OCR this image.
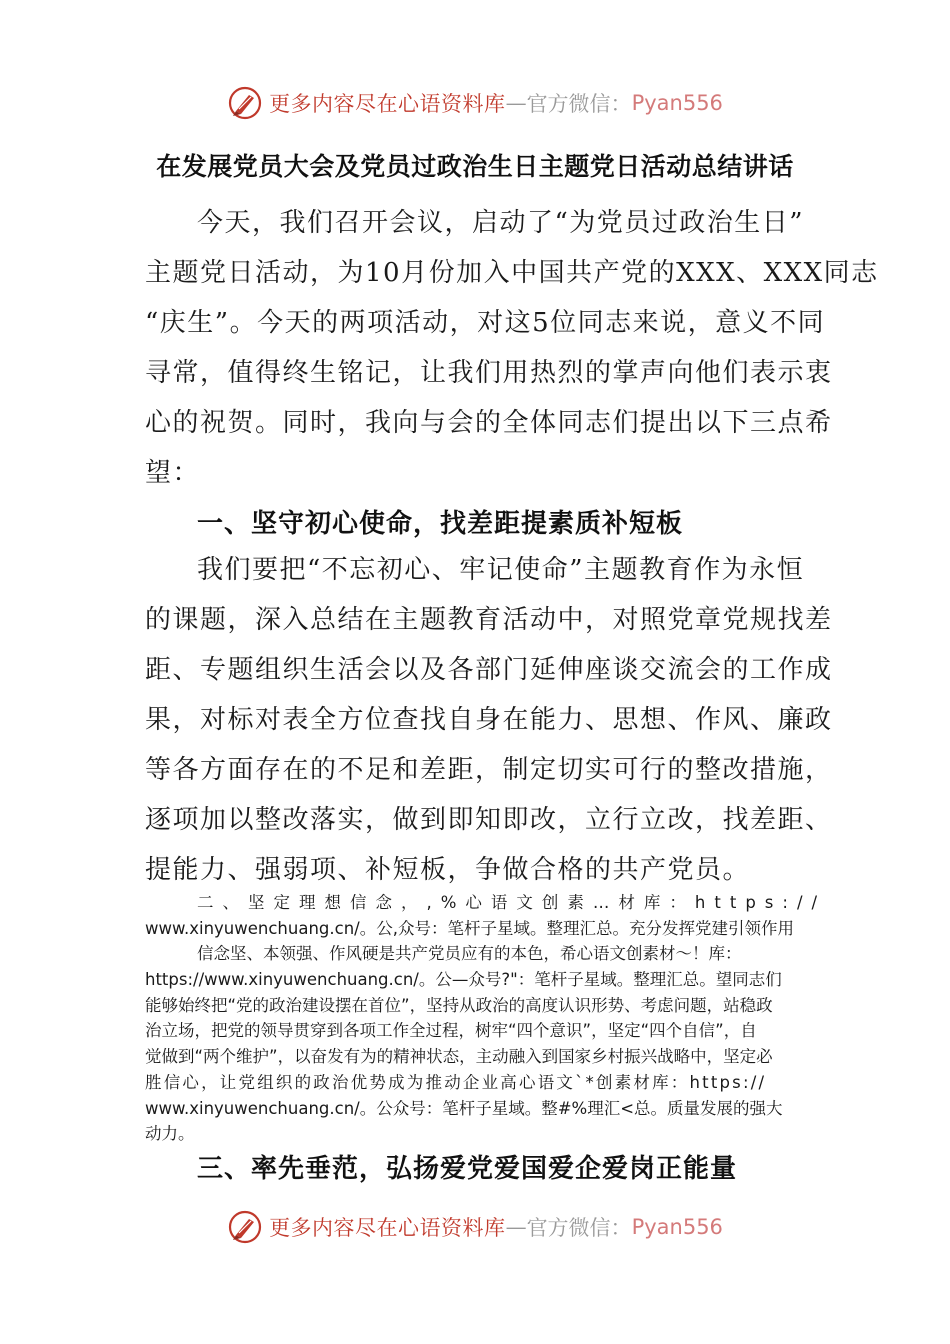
更多内容尽在心语资料库 — 官方微信： Pyan556
在发展党员大会及党员过政治生日主题党日活动总结讲话
今天，我们召开会议，启动了“为党员过政治生日”
主题党日活动，为10月份加入中国共产党的XXX、XXX同志
“庆生”。今天的两项活动，对这5位同志来说，意义不同
寻常，值得终生铭记，让我们用热烈的掌声向他们表示衷
心的祝贺。同时，我向与会的全体同志们提出以下三点希
望：
一、坚守初心使命，找差距提素质补短板
我们要把“不忘初心、牢记使命”主题教育作为永恒
的课题，深入总结在主题教育活动中，对照党章党规找差
距、专题组织生活会以及各部门延伸座谈交流会的工作成
果，对标对表全方位查找自身在能力、思想、作风、廉政
等各方面存在的不足和差距，制定切实可行的整改措施，
逐项加以整改落实，做到即知即改，立行立改，找差距、
提能力、强弱项、补短板，争做合格的共产党员。
二、坚定理想信念，,%心语文创素…材库：https://
www.xinyuwenchuang.cn/。公,众号：笔杆子星域。整理汇总。充分发挥党建引领作用
信念坚、本领强、作风硬是共产党员应有的本色，希心语文创素材～！库：
https://www.xinyuwenchuang.cn/。公—众号?"：笔杆子星域。整理汇总。望同志们
能够始终把“党的政治建设摆在首位”，坚持从政治的高度认识形势、考虑问题，站稳政
治立场，把党的领导贯穿到各项工作全过程，树牢“四个意识”，坚定“四个自信”，自
觉做到“两个维护”，以奋发有为的精神状态，主动融入到国家乡村振兴战略中，坚定必
胜信心，让党组织的政治优势成为推动企业高心语文`*创素材库：https://
www.xinyuwenchuang.cn/。公众号：笔杆子星域。整#%理汇<总。质量发展的强大
动力。
三、率先垂范，弘扬爱党爱国爱企爱岗正能量
更多内容尽在心语资料库 — 官方微信： Pyan556
